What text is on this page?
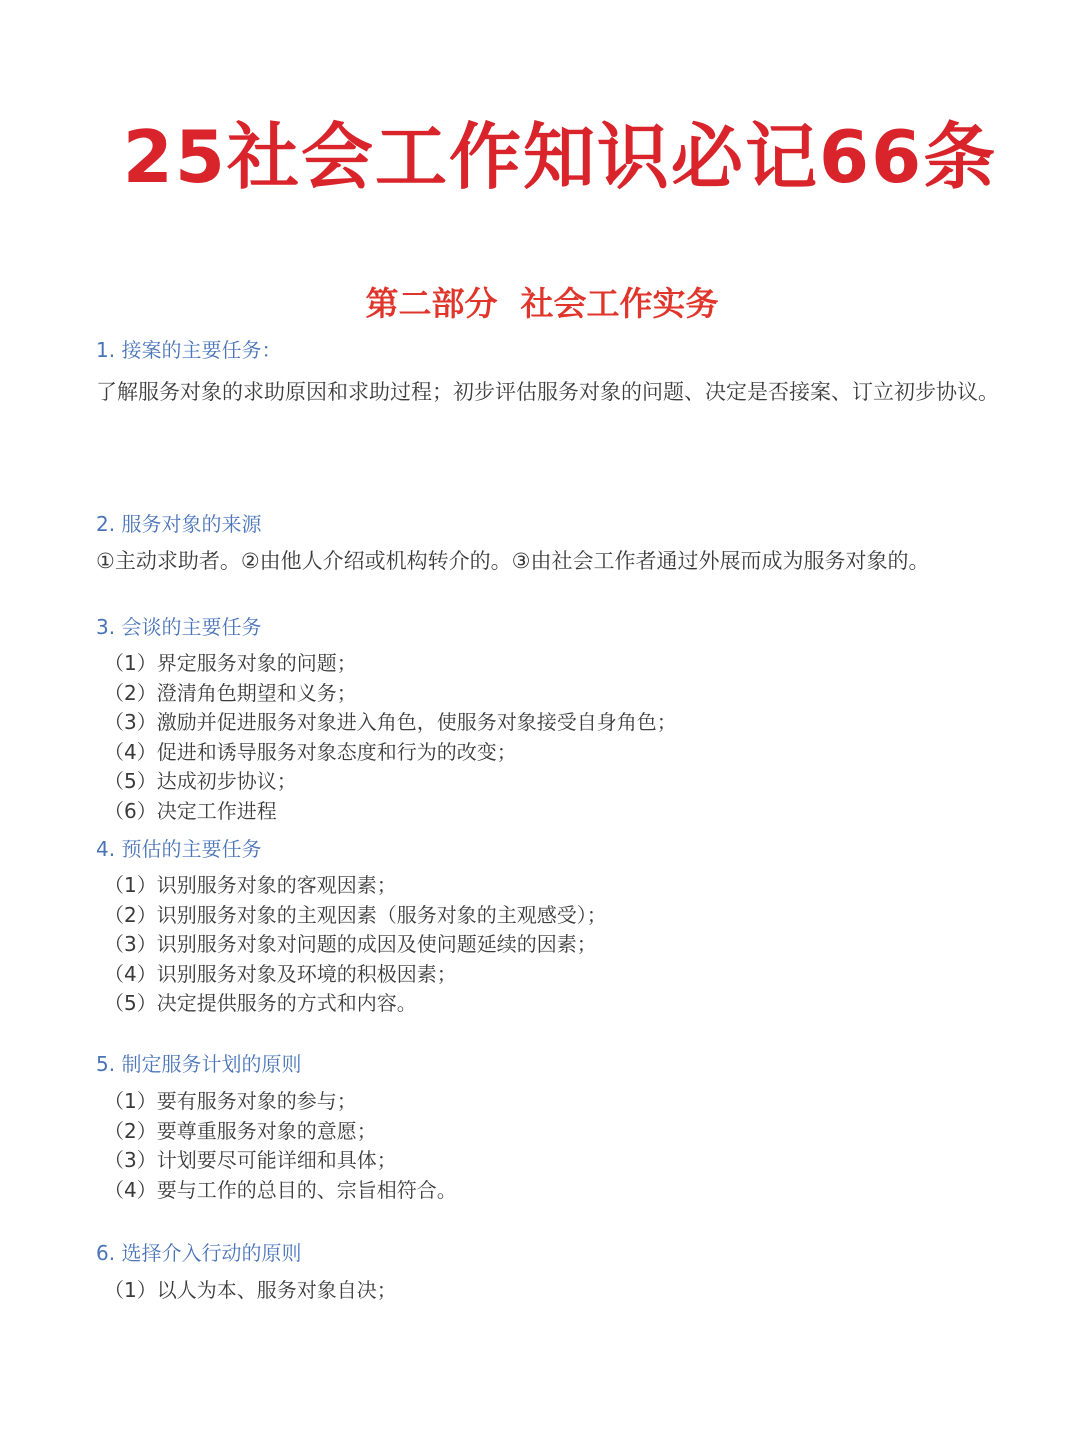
25社会工作知识必记66条
第二部分  社会工作实务
1. 接案的主要任务：
了解服务对象的求助原因和求助过程；初步评估服务对象的问题、决定是否接案、订立初步协议。
2. 服务对象的来源
①主动求助者。②由他人介绍或机构转介的。③由社会工作者通过外展而成为服务对象的。
3. 会谈的主要任务
（1）界定服务对象的问题；
（2）澄清角色期望和义务；
（3）激励并促进服务对象进入角色，使服务对象接受自身角色；
（4）促进和诱导服务对象态度和行为的改变；
（5）达成初步协议；
（6）决定工作进程
4. 预估的主要任务
（1）识别服务对象的客观因素；
（2）识别服务对象的主观因素（服务对象的主观感受）；
（3）识别服务对象对问题的成因及使问题延续的因素；
（4）识别服务对象及环境的积极因素；
（5）决定提供服务的方式和内容。
5. 制定服务计划的原则
（1）要有服务对象的参与；
（2）要尊重服务对象的意愿；
（3）计划要尽可能详细和具体；
（4）要与工作的总目的、宗旨相符合。
6. 选择介入行动的原则
（1）以人为本、服务对象自决；
